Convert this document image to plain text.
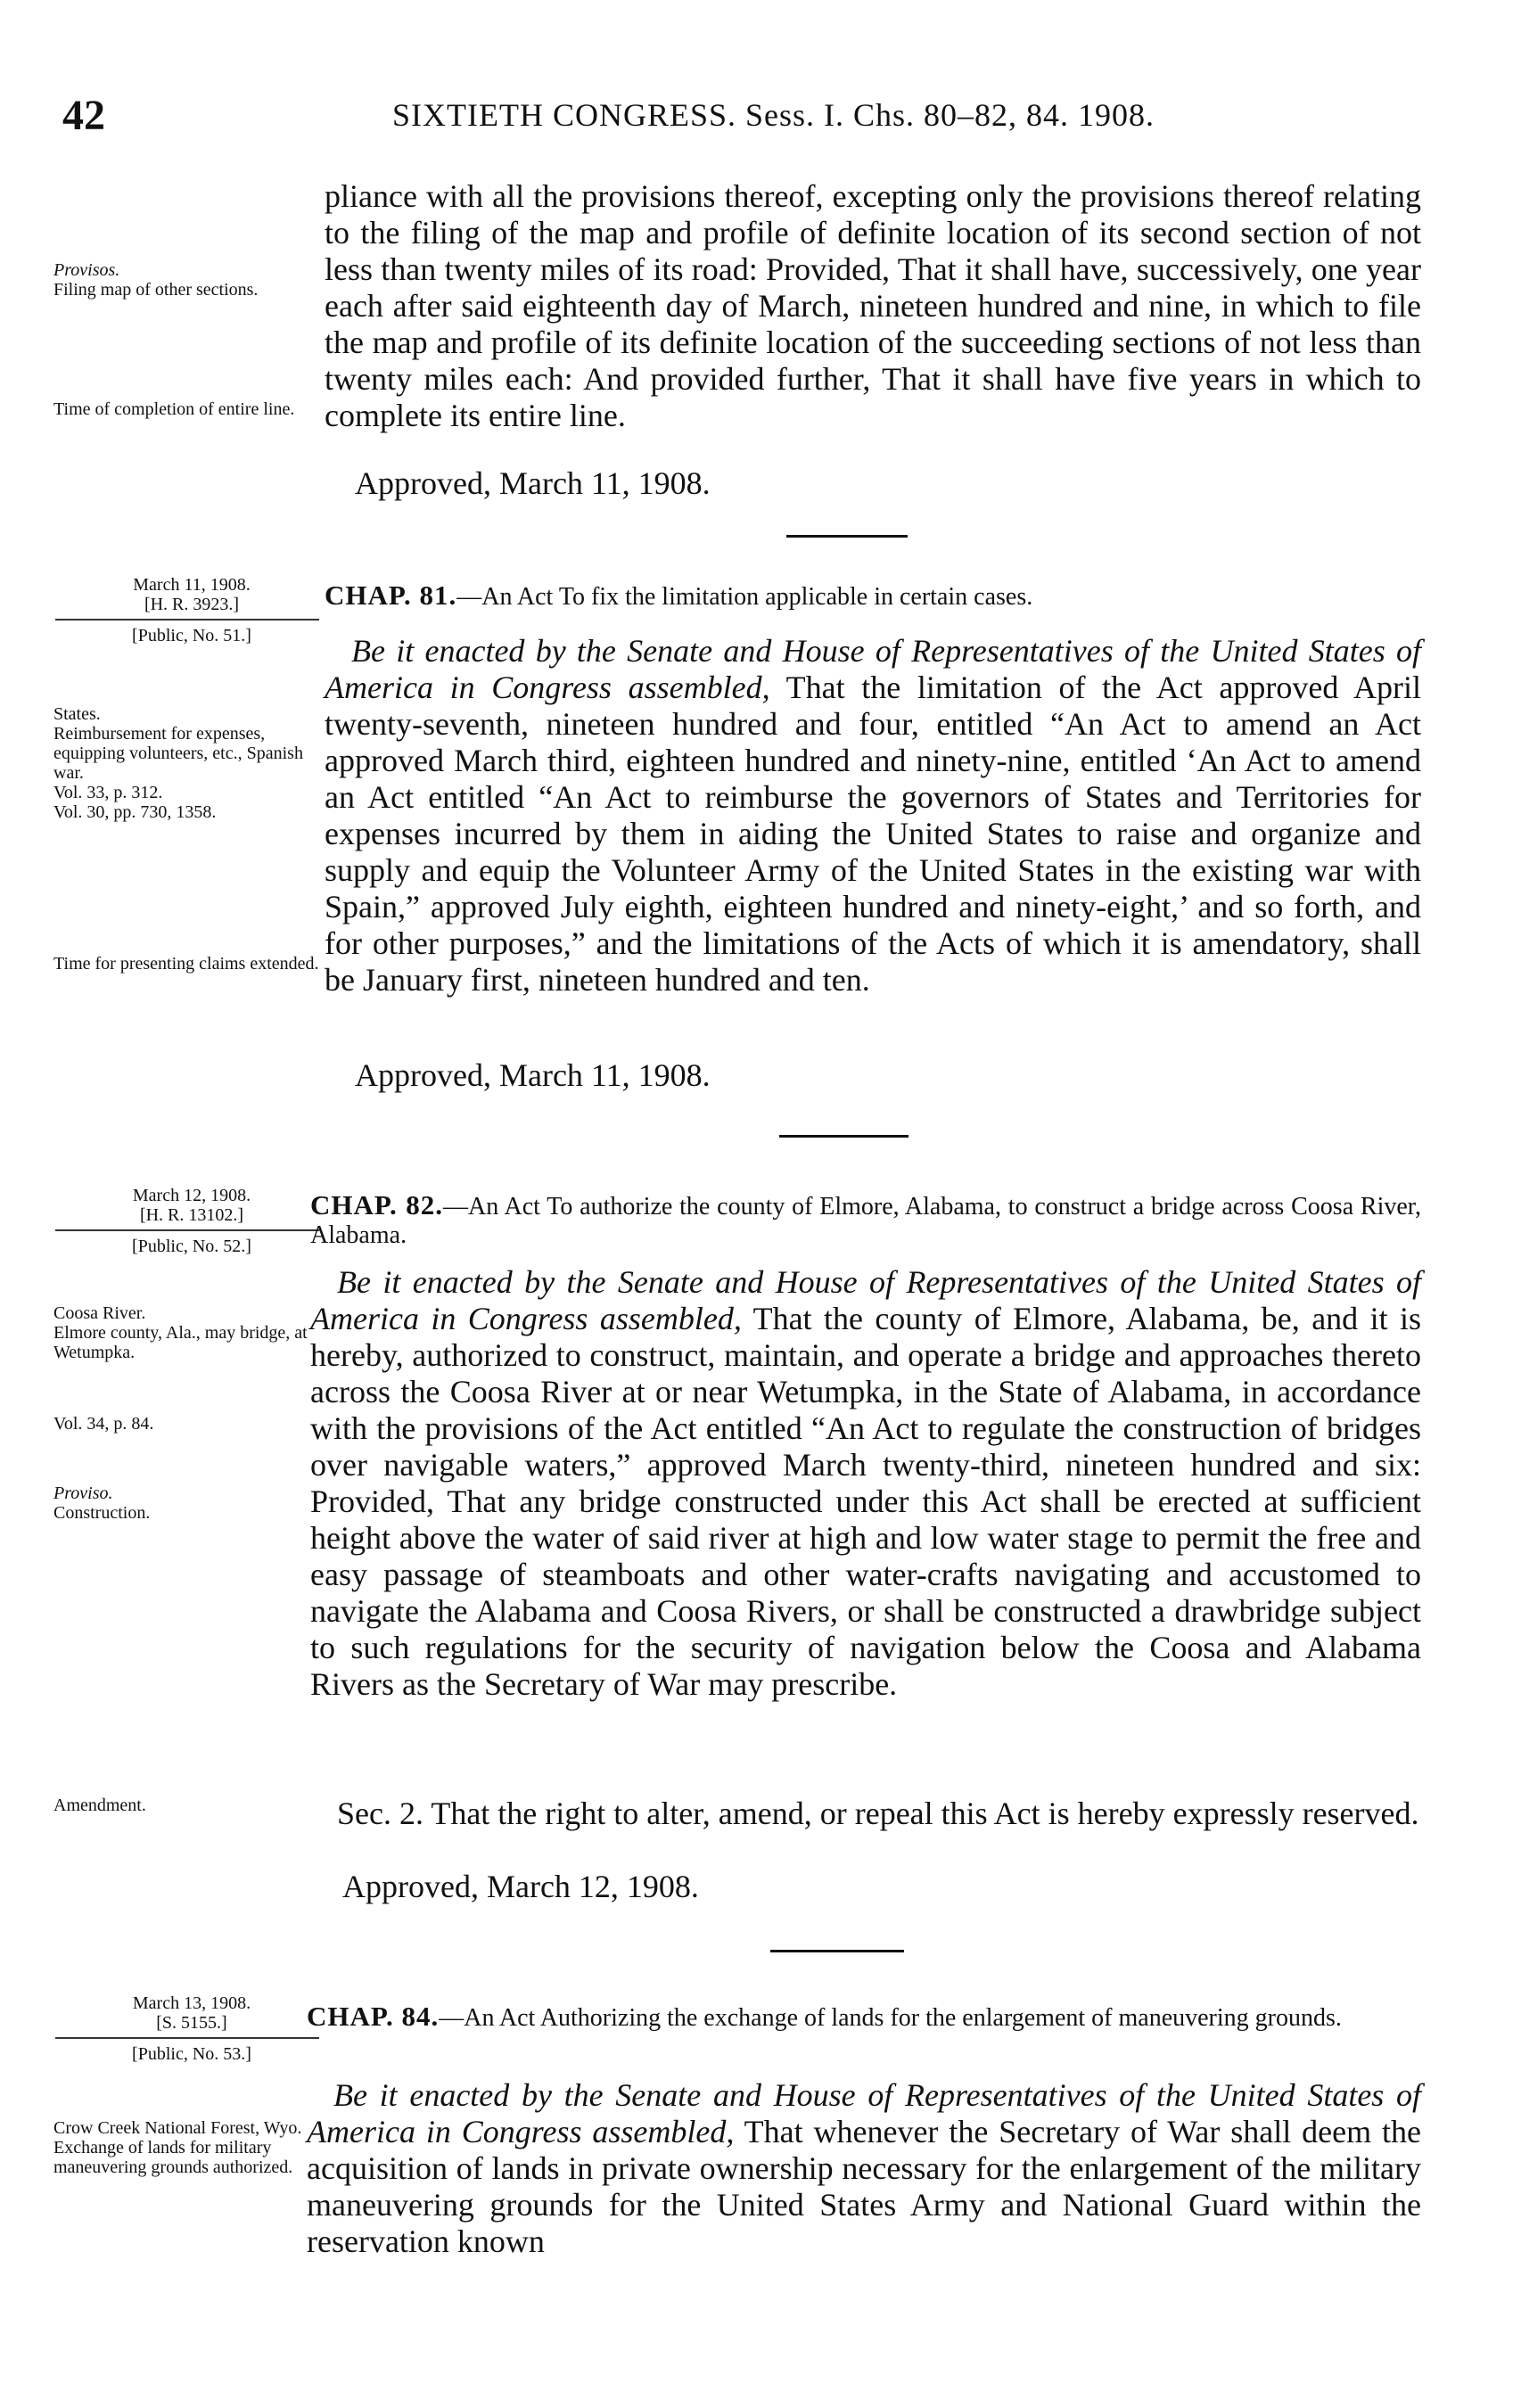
42	SIXTIETH CONGRESS. Sess. I. Chs. 80–82, 84. 1908.

pliance with all the provisions thereof, excepting only the provisions thereof relating to the filing of the map and profile of definite location of its second section of not less than twenty miles of its road: Provided, That it shall have, successively, one year each after said eighteenth day of March, nineteen hundred and nine, in which to file the map and profile of its definite location of the succeeding sections of not less than twenty miles each: And provided further, That it shall have five years in which to complete its entire line.

Approved, March 11, 1908.
Provisos.
Filing map of other sections.
Time of completion of entire line.
March 11, 1908.
[H. R. 3923.]
[Public, No. 51.]
CHAP. 81.—An Act To fix the limitation applicable in certain cases.

Be it enacted by the Senate and House of Representatives of the United States of America in Congress assembled, That the limitation of the Act approved April twenty-seventh, nineteen hundred and four, entitled “An Act to amend an Act approved March third, eighteen hundred and ninety-nine, entitled ‘An Act to amend an Act entitled “An Act to reimburse the governors of States and Territories for expenses incurred by them in aiding the United States to raise and organize and supply and equip the Volunteer Army of the United States in the existing war with Spain,” approved July eighth, eighteen hundred and ninety-eight,’ and so forth, and for other purposes,” and the limitations of the Acts of which it is amendatory, shall be January first, nineteen hundred and ten.

Approved, March 11, 1908.
States.
Reimbursement for expenses, equipping volunteers, etc., Spanish war.
Vol. 33, p. 312.
Vol. 30, pp. 730, 1358.
Time for presenting claims extended.
March 12, 1908.
[H. R. 13102.]
[Public, No. 52.]
CHAP. 82.—An Act To authorize the county of Elmore, Alabama, to construct a bridge across Coosa River, Alabama.

Be it enacted by the Senate and House of Representatives of the United States of America in Congress assembled, That the county of Elmore, Alabama, be, and it is hereby, authorized to construct, maintain, and operate a bridge and approaches thereto across the Coosa River at or near Wetumpka, in the State of Alabama, in accordance with the provisions of the Act entitled “An Act to regulate the construction of bridges over navigable waters,” approved March twenty-third, nineteen hundred and six: Provided, That any bridge constructed under this Act shall be erected at sufficient height above the water of said river at high and low water stage to permit the free and easy passage of steamboats and other water-crafts navigating and accustomed to navigate the Alabama and Coosa Rivers, or shall be constructed a drawbridge subject to such regulations for the security of navigation below the Coosa and Alabama Rivers as the Secretary of War may prescribe.

Sec. 2. That the right to alter, amend, or repeal this Act is hereby expressly reserved.

Approved, March 12, 1908.
Coosa River.
Elmore county, Ala., may bridge, at Wetumpka.
Vol. 34, p. 84.
Proviso.
Construction.
Amendment.
March 13, 1908.
[S. 5155.]
[Public, No. 53.]
CHAP. 84.—An Act Authorizing the exchange of lands for the enlargement of maneuvering grounds.

Be it enacted by the Senate and House of Representatives of the United States of America in Congress assembled, That whenever the Secretary of War shall deem the acquisition of lands in private ownership necessary for the enlargement of the military maneuvering grounds for the United States Army and National Guard within the reservation known

Crow Creek National Forest, Wyo.
Exchange of lands for military maneuvering grounds authorized.
